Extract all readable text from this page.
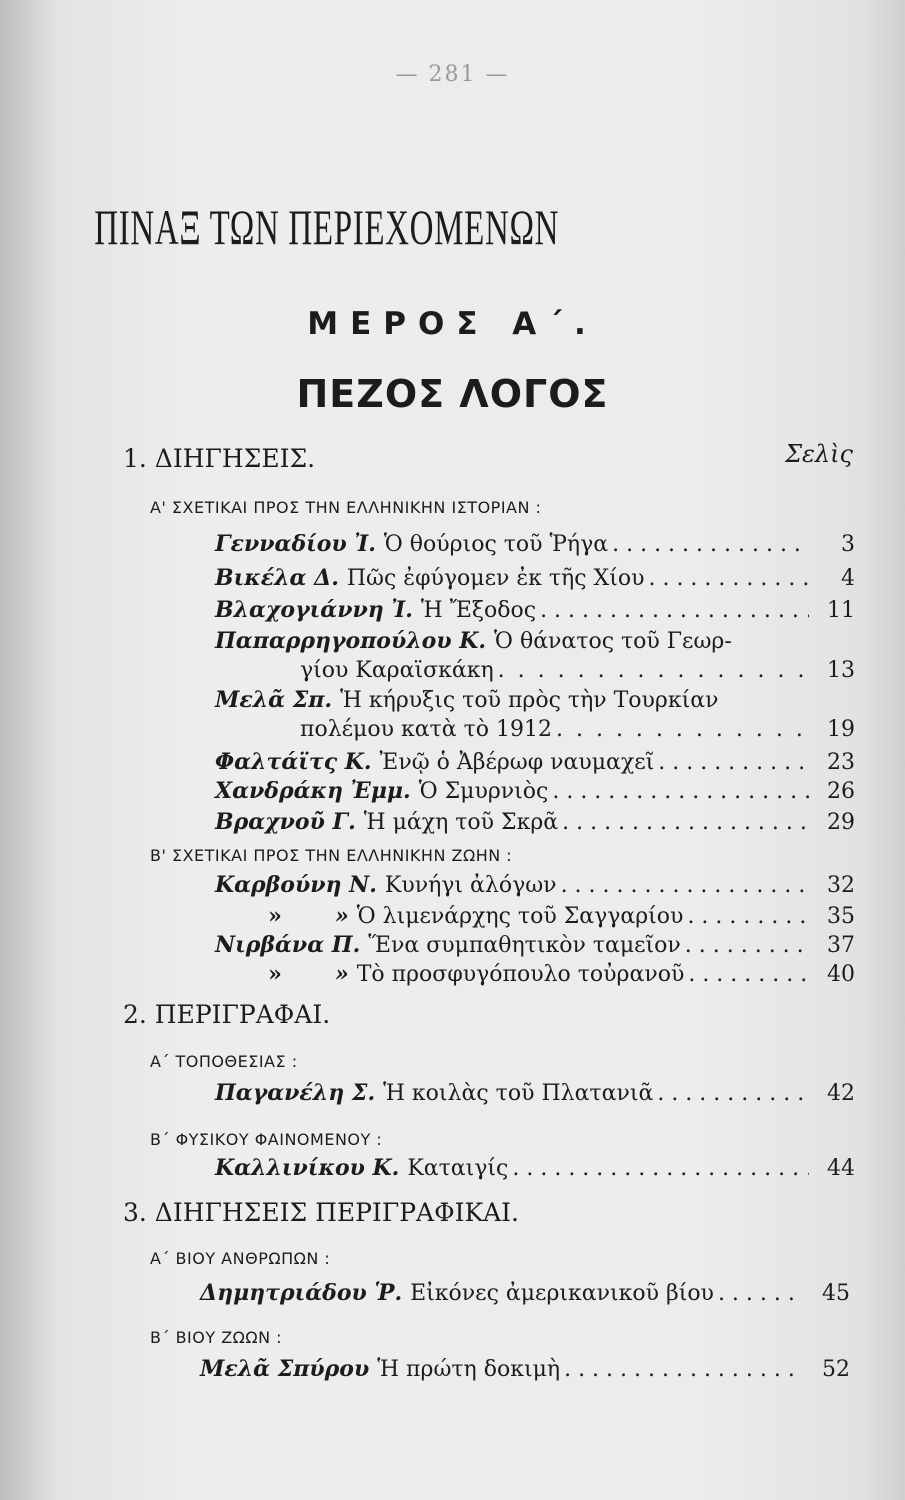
— 281 —
ΠΙΝΑΞ ΤΩΝ ΠΕΡΙΕΧΟΜΕΝΩΝ
ΜΕΡΟΣ Α΄.
ΠΕΖΟΣ ΛΟΓΟΣ
1. ΔΙΗΓΗΣΕΙΣ.	Σελὶς
Α' ΣΧΕΤΙΚΑΙ ΠΡΟΣ ΤΗΝ ΕΛΛΗΝΙΚΗΝ ΙΣΤΟΡΙΑΝ :
Γενναδίου Ἰ. Ὁ θούριος τοῦ Ῥήγα . . .	3
Βικέλα Δ. Πῶς ἐφύγομεν ἐκ τῆς Χίου . . .	4
Βλαχογιάννη Ἰ. Ἡ Ἔξοδος . . .	11
Παπαρρηγοπούλου Κ. Ὁ θάνατος τοῦ Γεωρ-
γίου Καραϊσκάκη . . .	13
Μελᾶ Σπ. Ἡ κήρυξις τοῦ πρὸς τὴν Τουρκίαν
πολέμου κατὰ τὸ 1912 . . .	19
Φαλτάϊτς Κ. Ἐνῷ ὁ Ἀβέρωφ ναυμαχεῖ . . .	23
Χανδράκη Ἐμμ. Ὁ Σμυρνιὸς . . .	26
Βραχνοῦ Γ. Ἡ μάχη τοῦ Σκρᾶ . . .	29
Β' ΣΧΕΤΙΚΑΙ ΠΡΟΣ ΤΗΝ ΕΛΛΗΝΙΚΗΝ ΖΩΗΝ :
Καρβούνη Ν. Κυνήγι ἀλόγων . . .	32
»	» Ὁ λιμενάρχης τοῦ Σαγγαρίου . . .	35
Νιρβάνα Π. Ἕνα συμπαθητικὸν ταμεῖον . . .	37
»	» Τὸ προσφυγόπουλο τοὐρανοῦ . . .	40
2. ΠΕΡΙΓΡΑΦΑΙ.
Α΄ ΤΟΠΟΘΕΣΙΑΣ :
Παγανέλη Σ. Ἡ κοιλὰς τοῦ Πλατανιᾶ . . .	42
Β΄ ΦΥΣΙΚΟΥ ΦΑΙΝΟΜΕΝΟΥ :
Καλλινίκου Κ. Καταιγίς . . .	44
3. ΔΙΗΓΗΣΕΙΣ ΠΕΡΙΓΡΑΦΙΚΑΙ.
Α΄ ΒΙΟΥ ΑΝΘΡΩΠΩΝ :
Δημητριάδου Ῥ. Εἰκόνες ἀμερικανικοῦ βίου . . .	45
Β΄ ΒΙΟΥ ΖΩΩΝ :
Μελᾶ Σπύρου Ἡ πρώτη δοκιμὴ . . .	52
